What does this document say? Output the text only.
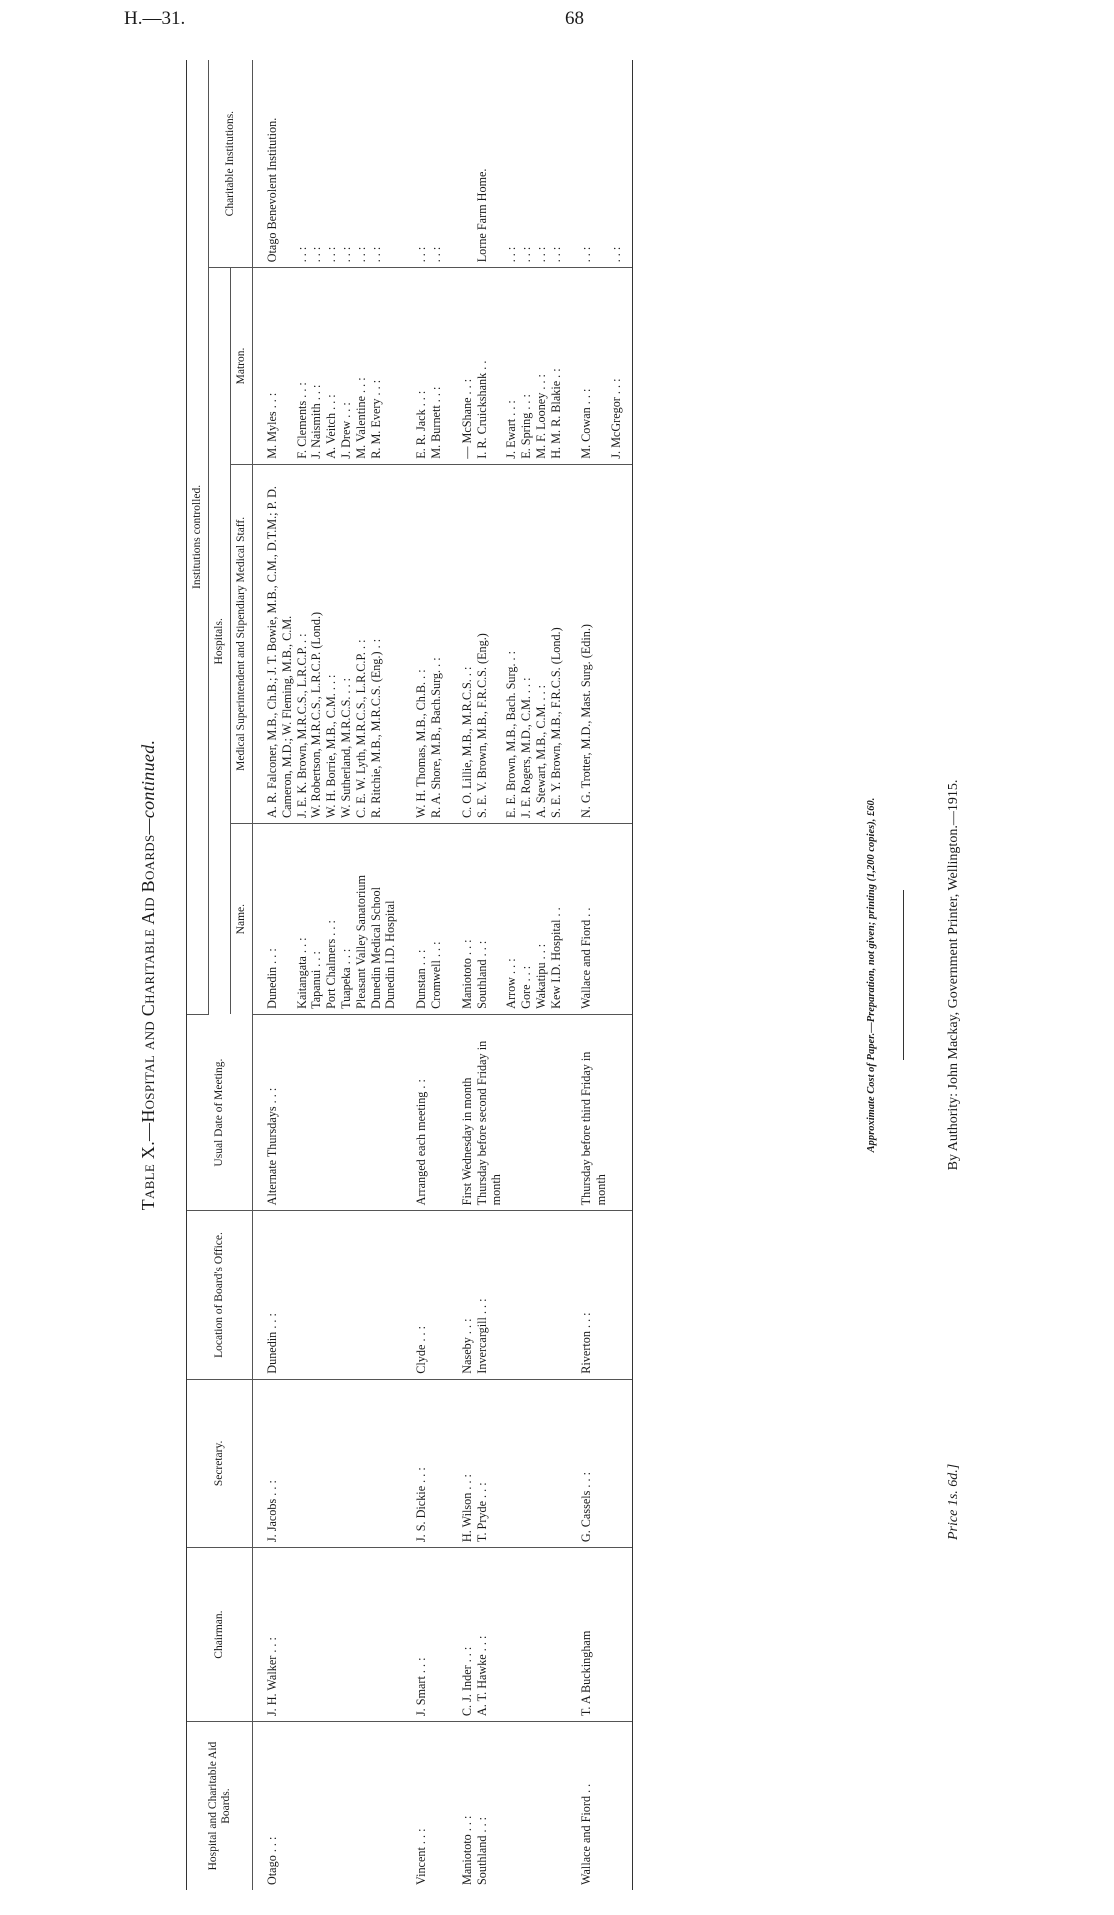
H.—31.	68
Table X.—Hospital and Charitable Aid Boards—continued.
Hospital and Charitable Aid Boards.	Chairman.	Secretary.	Location of Board's Office.	Usual Date of Meeting.	Institutions controlled.			
					Hospitals.			Charitable Institutions.
					Name.	Medical Superintendent and Stipendiary Medical Staff.	Matron.	
Otago . . :	J. H. Walker . . :	J. Jacobs . . :	Dunedin . . :	Alternate Thursdays . . :	Dunedin . . :	A. R. Falconer, M.B., Ch.B.; J. T. Bowie, M.B., C.M., D.T.M.; P. D. Cameron, M.D.; W. Fleming, M.B., C.M.	M. Myles . . :	Otago Benevolent Institution.
					Kaitangata . . :	J. E. K. Brown, M.R.C.S., L.R.C.P. . :	F. Clements . . :	. . :
					Tapanui . . :	W. Robertson, M.R.C.S., L.R.C.P. (Lond.)	J. Naismith . . :	. . :
					Port Chalmers . . :	W. H. Borrie, M.B., C.M. . . :	A. Veitch . . :	. . :
					Tuapeka . . :	W. Sutherland, M.R.C.S. . . :	J. Drew . . :	. . :
					Pleasant Valley Sanatorium	C. E. W. Lyth, M.R.C.S., L.R.C.P. . :	M. Valentine . . :	. . :
					Dunedin Medical School	R. Ritchie, M.B., M.R.C.S. (Eng.) . :	R. M. Every . . :	. . :
					Dunedin I.D. Hospital			

Vincent . . :	J. Smart . . :	J. S. Dickie . . :	Clyde . . :	Arranged each meeting . :	Dunstan . . :	W. H. Thomas, M.B., Ch.B. . :	E. R. Jack . . :	. . :
					Cromwell . . :	R. A. Shore, M.B., Bach.Surg. . :	M. Burnett . . :	. . :

Maniototo . . :	C. J. Inder . . :	H. Wilson . . :	Naseby . . :	First Wednesday in month	Maniototo . . :	C. O. Lillie, M.B., M.R.C.S. . :	— McShane . . :	
Southland . . :	A. T. Hawke . . :	T. Pryde . . :	Invercargill . . :	Thursday before second Friday in month	Southland . . :	S. E. V. Brown, M.B., F.R.C.S. (Eng.)	I. R. Cruickshank . .	Lorne Farm Home.
					Arrow . . :	E. E. Brown, M.B., Bach. Surg. . :	J. Ewart . . :	. . :
					Gore . . :	J. E. Rogers, M.D., C.M. . . :	E. Spring . . :	. . :
					Wakatipu . . :	A. Stewart, M.B., C.M. . . :	M. F. Looney . . :	. . :
					Kew I.D. Hospital . .	S. E. Y. Brown, M.B., F.R.C.S. (Lond.)	H. M. R. Blakie . :	. . :

Wallace and Fiord . .	T. A Buckingham	G. Cassels . . :	Riverton . . :	Thursday before third Friday in month	Wallace and Fiord . .	N. G. Trotter, M.D., Mast. Surg. (Edin.)	M. Cowan . . :	. . :
							J. McGregor . . :	. . :
Approximate Cost of Paper.—Preparation, not given; printing (1,200 copies), £60.
Price 1s. 6d.]
By Authority: John Mackay, Government Printer, Wellington.—1915.
